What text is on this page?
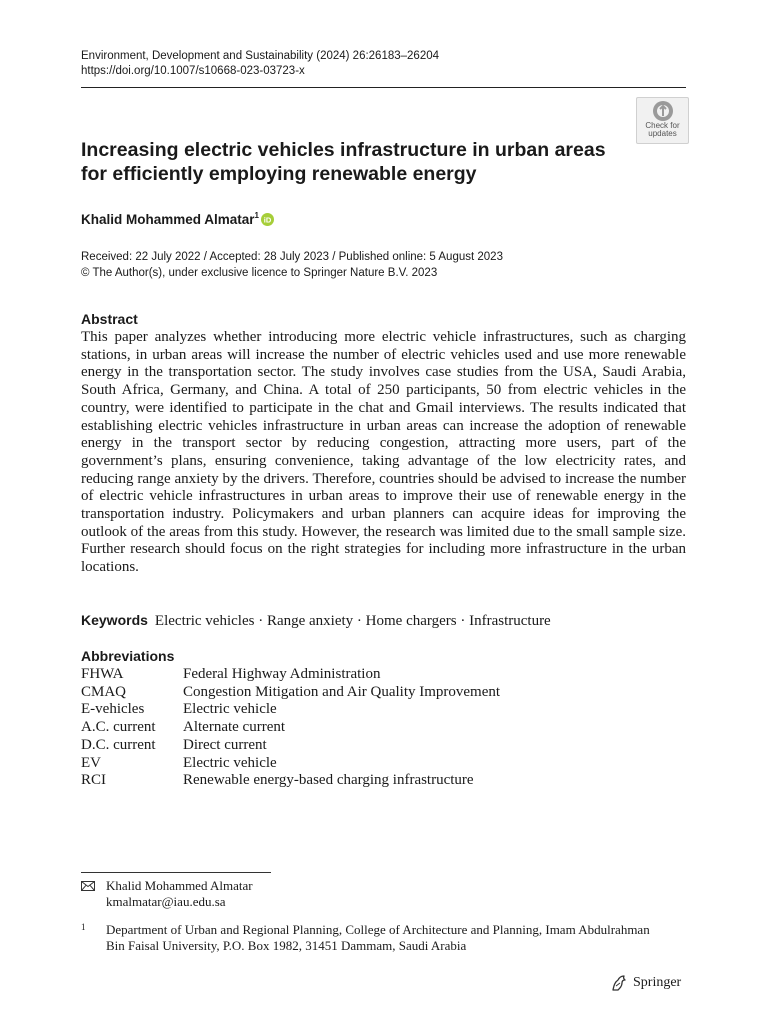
Environment, Development and Sustainability (2024) 26:26183–26204
https://doi.org/10.1007/s10668-023-03723-x
Check for
updates
Increasing electric vehicles infrastructure in urban areas
for efficiently employing renewable energy
Khalid Mohammed Almatar$^1$ iD
Received: 22 July 2022 / Accepted: 28 July 2023 / Published online: 5 August 2023
© The Author(s), under exclusive licence to Springer Nature B.V. 2023
Abstract

This paper analyzes whether introducing more electric vehicle infrastructures, such as charging stations, in urban areas will increase the number of electric vehicles used and use more renewable energy in the transportation sector. The study involves case studies from the USA, Saudi Arabia, South Africa, Germany, and China. A total of 250 participants, 50 from electric vehicles in the country, were identified to participate in the chat and Gmail interviews. The results indicated that establishing electric vehicles infrastructure in urban areas can increase the adoption of renewable energy in the transport sector by reducing congestion, attracting more users, part of the government’s plans, ensuring convenience, taking advantage of the low electricity rates, and reducing range anxiety by the drivers. Therefore, countries should be advised to increase the number of electric vehicle infrastructures in urban areas to improve their use of renewable energy in the transportation industry. Policymakers and urban planners can acquire ideas for improving the outlook of the areas from this study. However, the research was limited due to the small sample size. Further research should focus on the right strategies for including more infrastructure in the urban locations.

Keywords Electric vehicles · Range anxiety · Home chargers · Infrastructure
Abbreviations
FHWA	Federal Highway Administration
CMAQ	Congestion Mitigation and Air Quality Improvement
E-vehicles	Electric vehicle
A.C. current	Alternate current
D.C. current	Direct current
EV	Electric vehicle
RCI	Renewable energy-based charging infrastructure
Khalid Mohammed Almatar
kmalmatar@iau.edu.sa
1 Department of Urban and Regional Planning, College of Architecture and Planning, Imam Abdulrahman Bin Faisal University, P.O. Box 1982, 31451 Dammam, Saudi Arabia

Springer
